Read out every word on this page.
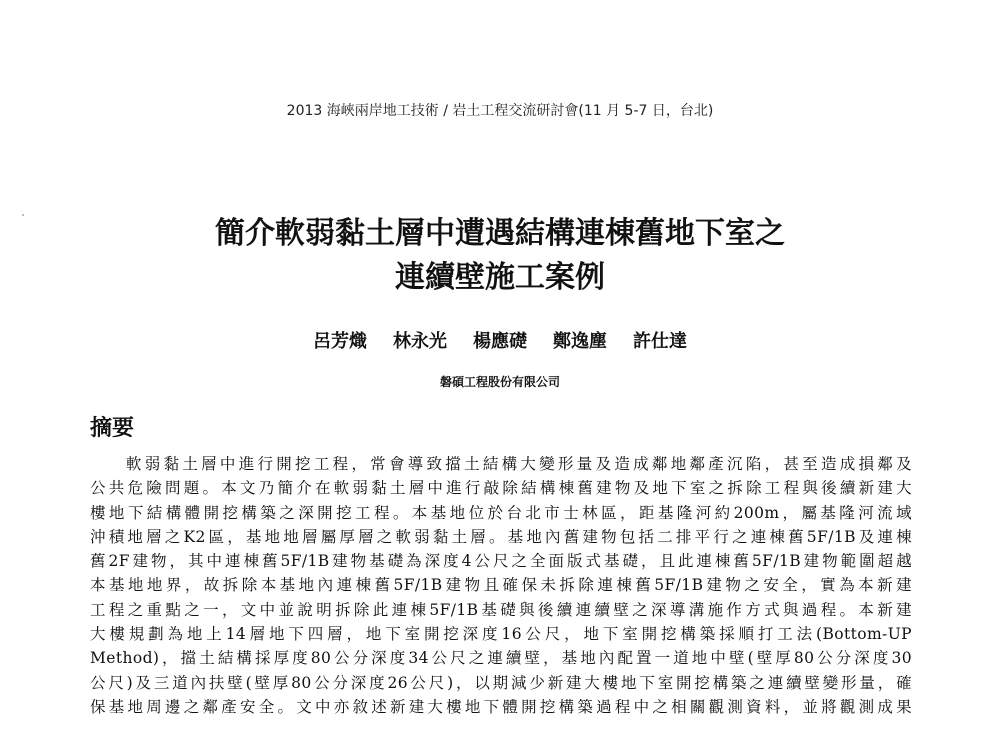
2013 海峽兩岸地工技術 / 岩土工程交流研討會(11 月 5-7 日，台北)
簡介軟弱黏土層中遭遇結構連棟舊地下室之
連續壁施工案例
呂芳熾 林永光 楊應礎 鄭逸塵 許仕達
磐碩工程股份有限公司
摘要
軟弱黏土層中進行開挖工程，常會導致擋土結構大變形量及造成鄰地鄰產沉陷，甚至造成損鄰及
公共危險問題。本文乃簡介在軟弱黏土層中進行敲除結構棟舊建物及地下室之拆除工程與後續新建大
樓地下結構體開挖構築之深開挖工程。本基地位於台北市士林區，距基隆河約200m，屬基隆河流域
沖積地層之K2區，基地地層屬厚層之軟弱黏土層。基地內舊建物包括二排平行之連棟舊5F/1B及連棟
舊2F建物，其中連棟舊5F/1B建物基礎為深度4公尺之全面版式基礎，且此連棟舊5F/1B建物範圍超越
本基地地界，故拆除本基地內連棟舊5F/1B建物且確保未拆除連棟舊5F/1B建物之安全，實為本新建
工程之重點之一，文中並說明拆除此連棟5F/1B基礎與後續連續壁之深導溝施作方式與過程。本新建
大樓規劃為地上14層地下四層，地下室開挖深度16公尺，地下室開挖構築採順打工法(Bottom-UP
Method)，擋土結構採厚度80公分深度34公尺之連續壁，基地內配置一道地中壁(壁厚80公分深度30
公尺)及三道內扶壁(壁厚80公分深度26公尺)，以期減少新建大樓地下室開挖構築之連續壁變形量，確
保基地周邊之鄰產安全。文中亦敘述新建大樓地下體開挖構築過程中之相關觀測資料，並將觀測成果
